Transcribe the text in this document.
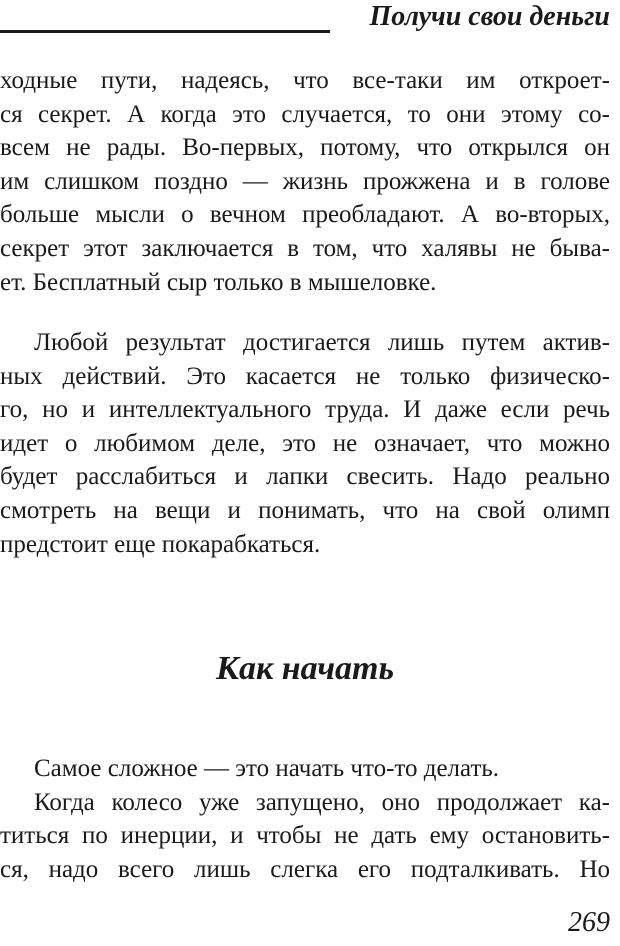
Получи свои деньги
ходные пути, надеясь, что все-таки им откроет-
ся секрет. А когда это случается, то они этому со-
всем не рады. Во-первых, потому, что открылся он
им слишком поздно — жизнь прожжена и в голове
больше мысли о вечном преобладают. А во-вторых,
секрет этот заключается в том, что халявы не быва-
ет. Бесплатный сыр только в мышеловке.
Любой результат достигается лишь путем актив-
ных действий. Это касается не только физическо-
го, но и интеллектуального труда. И даже если речь
идет о любимом деле, это не означает, что можно
будет расслабиться и лапки свесить. Надо реально
смотреть на вещи и понимать, что на свой олимп
предстоит еще покарабкаться.
Как начать
Самое сложное — это начать что-то делать.
Когда колесо уже запущено, оно продолжает ка-
титься по инерции, и чтобы не дать ему остановить-
ся, надо всего лишь слегка его подталкивать. Но
269
